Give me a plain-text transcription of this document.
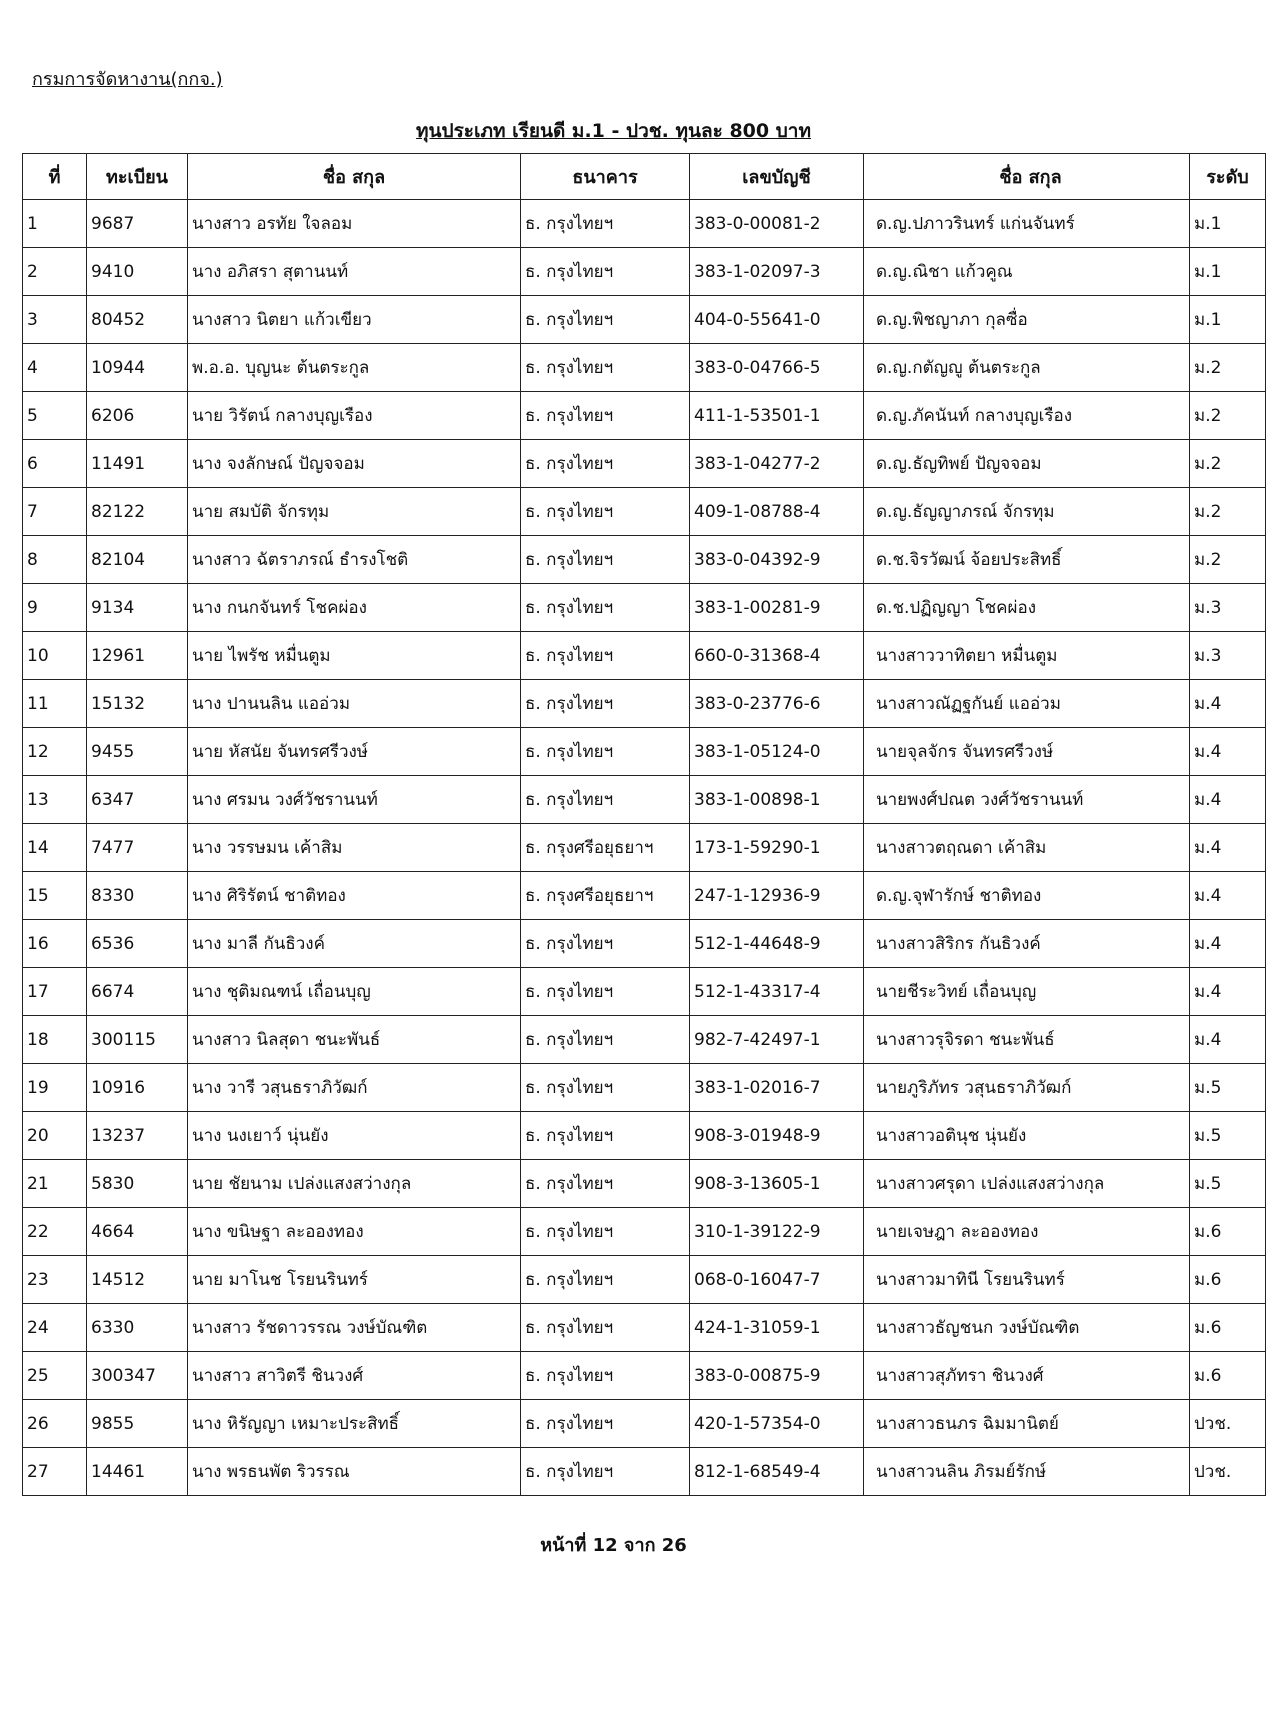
กรมการจัดหางาน(กกจ.)
ทุนประเภท เรียนดี ม.1 - ปวช. ทุนละ 800 บาท
ที่	ทะเบียน	ชื่อ สกุล	ธนาคาร	เลขบัญชี	ชื่อ สกุล	ระดับ
1	9687	นางสาว อรทัย ใจลอม	ธ. กรุงไทยฯ	383-0-00081-2	ด.ญ.ปภาวรินทร์ แก่นจันทร์	ม.1
2	9410	นาง อภิสรา สุตานนท์	ธ. กรุงไทยฯ	383-1-02097-3	ด.ญ.ณิชา แก้วคูณ	ม.1
3	80452	นางสาว นิตยา แก้วเขียว	ธ. กรุงไทยฯ	404-0-55641-0	ด.ญ.พิชญาภา กุลซื่อ	ม.1
4	10944	พ.อ.อ. บุญนะ ต้นตระกูล	ธ. กรุงไทยฯ	383-0-04766-5	ด.ญ.กตัญญู ต้นตระกูล	ม.2
5	6206	นาย วิรัตน์ กลางบุญเรือง	ธ. กรุงไทยฯ	411-1-53501-1	ด.ญ.ภัคนันท์ กลางบุญเรือง	ม.2
6	11491	นาง จงลักษณ์ ปัญจจอม	ธ. กรุงไทยฯ	383-1-04277-2	ด.ญ.ธัญทิพย์ ปัญจจอม	ม.2
7	82122	นาย สมบัติ จักรทุม	ธ. กรุงไทยฯ	409-1-08788-4	ด.ญ.ธัญญาภรณ์ จักรทุม	ม.2
8	82104	นางสาว ฉัตราภรณ์ ธำรงโชติ	ธ. กรุงไทยฯ	383-0-04392-9	ด.ช.จิรวัฒน์ จ้อยประสิทธิ์	ม.2
9	9134	นาง กนกจันทร์ โชคผ่อง	ธ. กรุงไทยฯ	383-1-00281-9	ด.ช.ปฏิญญา โชคผ่อง	ม.3
10	12961	นาย ไพรัช หมื่นตูม	ธ. กรุงไทยฯ	660-0-31368-4	นางสาววาทิตยา หมื่นตูม	ม.3
11	15132	นาง ปานนลิน แออ่วม	ธ. กรุงไทยฯ	383-0-23776-6	นางสาวณัฏฐกันย์ แออ่วม	ม.4
12	9455	นาย หัสนัย จันทรศรีวงษ์	ธ. กรุงไทยฯ	383-1-05124-0	นายจุลจักร จันทรศรีวงษ์	ม.4
13	6347	นาง ศรมน วงศ์วัชรานนท์	ธ. กรุงไทยฯ	383-1-00898-1	นายพงศ์ปณต วงศ์วัชรานนท์	ม.4
14	7477	นาง วรรษมน เค้าสิม	ธ. กรุงศรีอยุธยาฯ	173-1-59290-1	นางสาวตฤณดา เค้าสิม	ม.4
15	8330	นาง ศิริรัตน์ ชาติทอง	ธ. กรุงศรีอยุธยาฯ	247-1-12936-9	ด.ญ.จุฬารักษ์ ชาติทอง	ม.4
16	6536	นาง มาลี กันธิวงค์	ธ. กรุงไทยฯ	512-1-44648-9	นางสาวสิริกร กันธิวงค์	ม.4
17	6674	นาง ชุติมณฑน์ เถื่อนบุญ	ธ. กรุงไทยฯ	512-1-43317-4	นายชีระวิทย์ เถื่อนบุญ	ม.4
18	300115	นางสาว นิลสุดา ชนะพันธ์	ธ. กรุงไทยฯ	982-7-42497-1	นางสาวรุจิรดา ชนะพันธ์	ม.4
19	10916	นาง วารี วสุนธราภิวัฒก์	ธ. กรุงไทยฯ	383-1-02016-7	นายภูริภัทร วสุนธราภิวัฒก์	ม.5
20	13237	นาง นงเยาว์ นุ่นยัง	ธ. กรุงไทยฯ	908-3-01948-9	นางสาวอตินุช นุ่นยัง	ม.5
21	5830	นาย ชัยนาม เปล่งแสงสว่างกุล	ธ. กรุงไทยฯ	908-3-13605-1	นางสาวศรุดา เปล่งแสงสว่างกุล	ม.5
22	4664	นาง ขนิษฐา ละอองทอง	ธ. กรุงไทยฯ	310-1-39122-9	นายเจษฎา ละอองทอง	ม.6
23	14512	นาย มาโนช โรยนรินทร์	ธ. กรุงไทยฯ	068-0-16047-7	นางสาวมาทินี โรยนรินทร์	ม.6
24	6330	นางสาว รัชดาวรรณ วงษ์บัณฑิต	ธ. กรุงไทยฯ	424-1-31059-1	นางสาวธัญชนก วงษ์บัณฑิต	ม.6
25	300347	นางสาว สาวิตรี ชินวงศ์	ธ. กรุงไทยฯ	383-0-00875-9	นางสาวสุภัทรา ชินวงศ์	ม.6
26	9855	นาง หิรัญญา เหมาะประสิทธิ์	ธ. กรุงไทยฯ	420-1-57354-0	นางสาวธนภร ฉิมมานิตย์	ปวช.
27	14461	นาง พรธนพัต ริวรรณ	ธ. กรุงไทยฯ	812-1-68549-4	นางสาวนลิน ภิรมย์รักษ์	ปวช.
หน้าที่ 12 จาก 26
